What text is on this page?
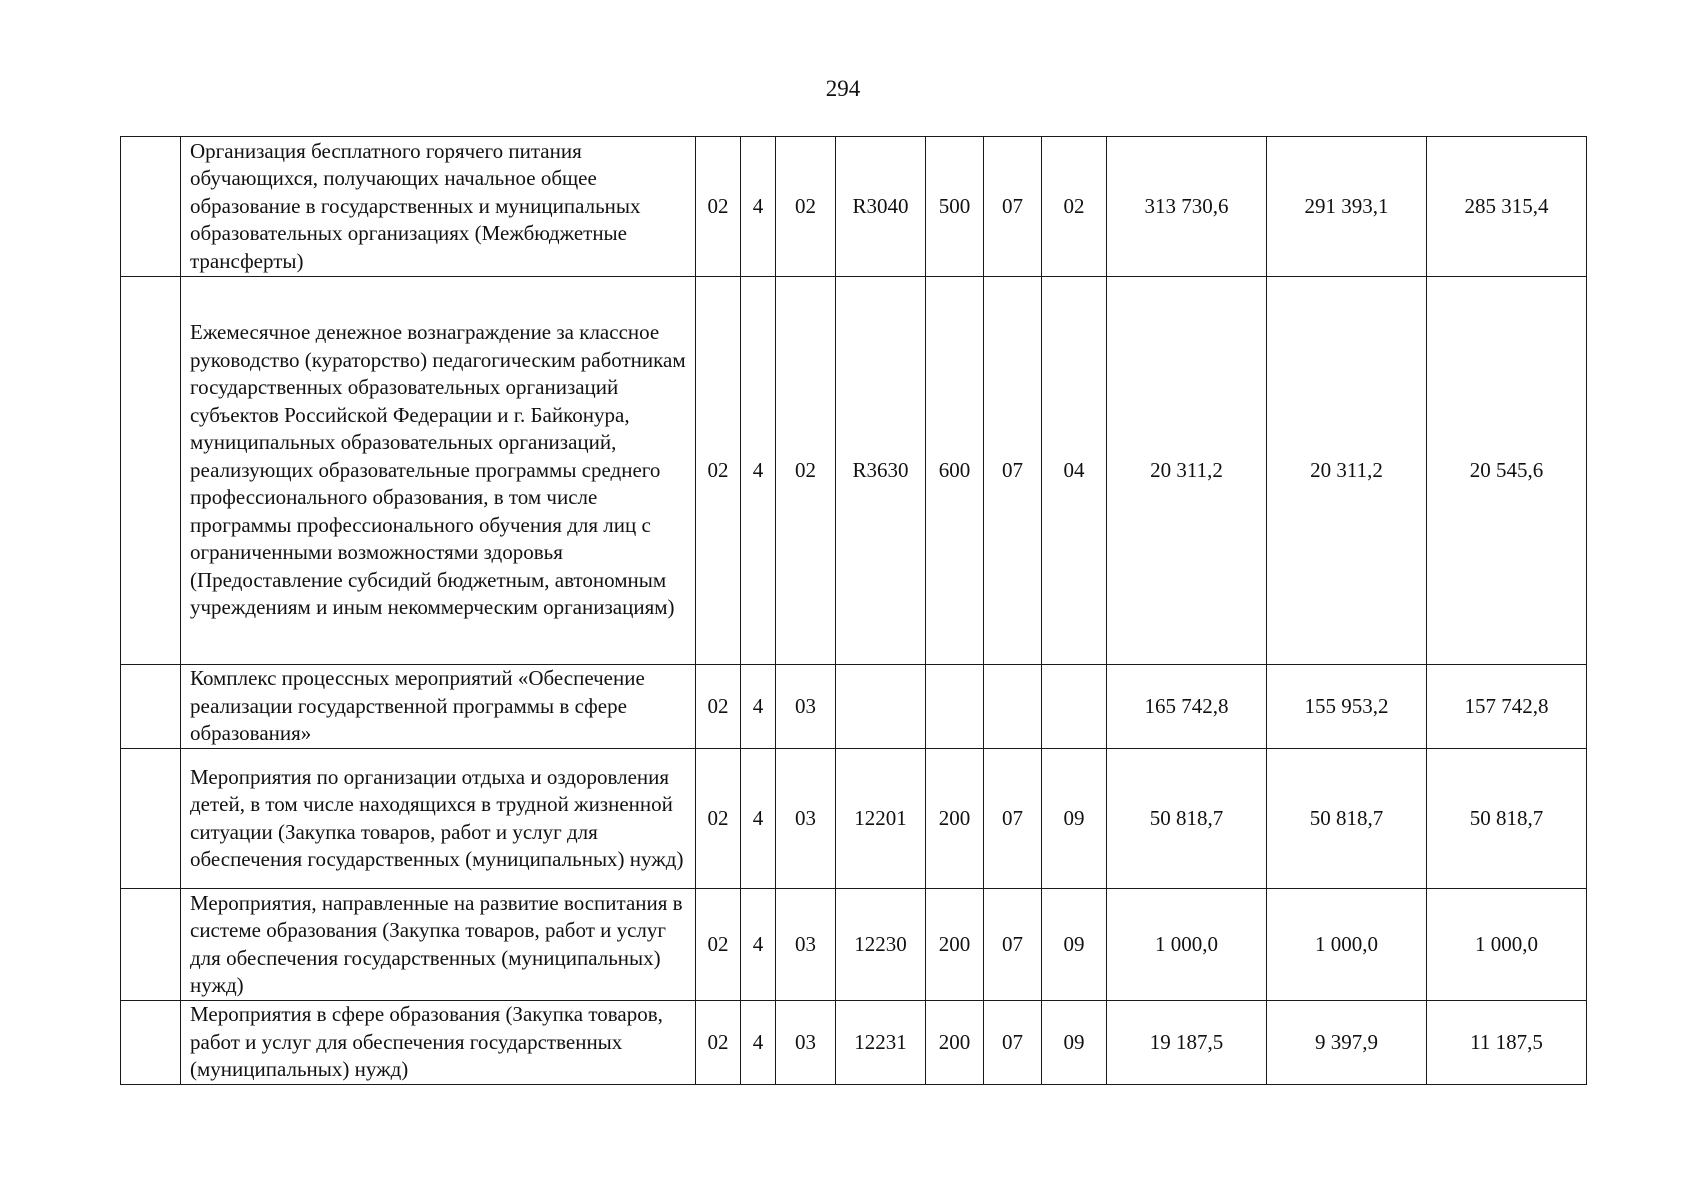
294
	Организация бесплатного горячего питания обучающихся, получающих начальное общее образование в государственных и муниципальных образовательных организациях (Межбюджетные трансферты)	02	4	02	R3040	500	07	02	313 730,6	291 393,1	285 315,4
	Ежемесячное денежное вознаграждение за классное руководство (кураторство) педагогическим работникам государственных образовательных организаций субъектов Российской Федерации и г. Байконура, муниципальных образовательных организаций, реализующих образовательные программы среднего профессионального образования, в том числе программы профессионального обучения для лиц с ограниченными возможностями здоровья (Предоставление субсидий бюджетным, автономным учреждениям и иным некоммерческим организациям)	02	4	02	R3630	600	07	04	20 311,2	20 311,2	20 545,6
	Комплекс процессных мероприятий «Обеспечение реализации государственной программы в сфере образования»	02	4	03					165 742,8	155 953,2	157 742,8
	Мероприятия по организации отдыха и оздоровления детей, в том числе находящихся в трудной жизненной ситуации (Закупка товаров, работ и услуг для обеспечения государственных (муниципальных) нужд)	02	4	03	12201	200	07	09	50 818,7	50 818,7	50 818,7
	Мероприятия, направленные на развитие воспитания в системе образования (Закупка товаров, работ и услуг для обеспечения государственных (муниципальных) нужд)	02	4	03	12230	200	07	09	1 000,0	1 000,0	1 000,0
	Мероприятия в сфере образования (Закупка товаров, работ и услуг для обеспечения государственных (муниципальных) нужд)	02	4	03	12231	200	07	09	19 187,5	9 397,9	11 187,5
